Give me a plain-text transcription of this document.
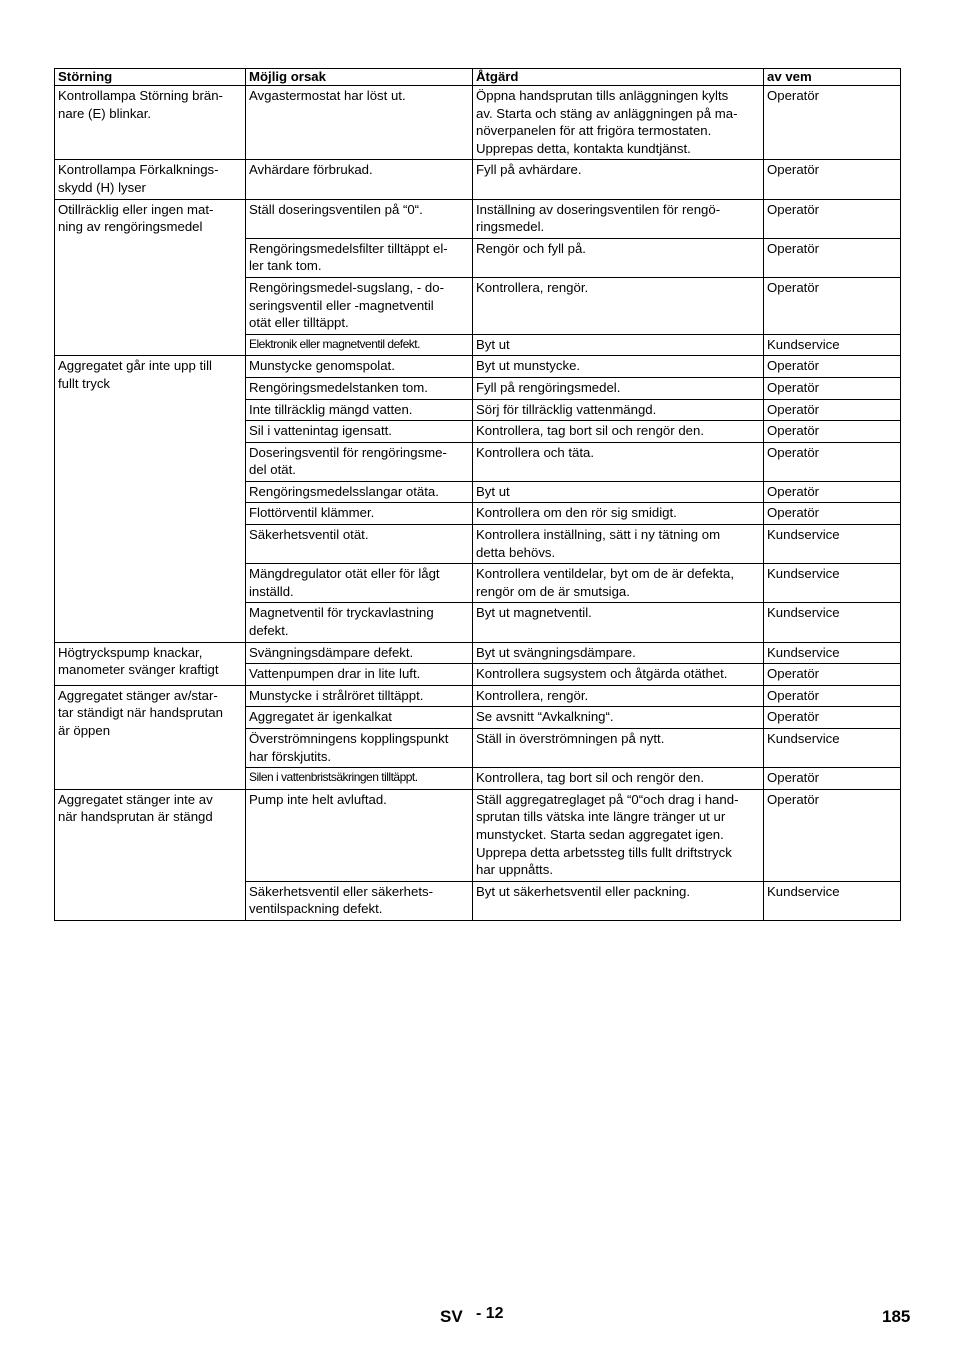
Störning	Möjlig orsak	Åtgärd	av vem
Kontrollampa Störning brän-
nare (E) blinkar.	Avgastermostat har löst ut.	Öppna handsprutan tills anläggningen kylts
av. Starta och stäng av anläggningen på ma-
növerpanelen för att frigöra termostaten.
Upprepas detta, kontakta kundtjänst.	Operatör
Kontrollampa Förkalknings-
skydd (H) lyser	Avhärdare förbrukad.	Fyll på avhärdare.	Operatör
Otillräcklig eller ingen mat-
ning av rengöringsmedel	Ställ doseringsventilen på “0“.	Inställning av doseringsventilen för rengö-
ringsmedel.	Operatör
	Rengöringsmedelsfilter tilltäppt el-
ler tank tom.	Rengör och fyll på.	Operatör
	Rengöringsmedel-sugslang, - do-
seringsventil eller -magnetventil
otät eller tilltäppt.	Kontrollera, rengör.	Operatör
	Elektronik eller magnetventil defekt.	Byt ut	Kundservice
Aggregatet går inte upp till
fullt tryck	Munstycke genomspolat.	Byt ut munstycke.	Operatör
	Rengöringsmedelstanken tom.	Fyll på rengöringsmedel.	Operatör
	Inte tillräcklig mängd vatten.	Sörj för tillräcklig vattenmängd.	Operatör
	Sil i vattenintag igensatt.	Kontrollera, tag bort sil och rengör den.	Operatör
	Doseringsventil för rengöringsme-
del otät.	Kontrollera och täta.	Operatör
	Rengöringsmedelsslangar otäta.	Byt ut	Operatör
	Flottörventil klämmer.	Kontrollera om den rör sig smidigt.	Operatör
	Säkerhetsventil otät.	Kontrollera inställning, sätt i ny tätning om
detta behövs.	Kundservice
	Mängdregulator otät eller för lågt
inställd.	Kontrollera ventildelar, byt om de är defekta,
rengör om de är smutsiga.	Kundservice
	Magnetventil för tryckavlastning
defekt.	Byt ut magnetventil.	Kundservice
Högtryckspump knackar,
manometer svänger kraftigt	Svängningsdämpare defekt.	Byt ut svängningsdämpare.	Kundservice
	Vattenpumpen drar in lite luft.	Kontrollera sugsystem och åtgärda otäthet.	Operatör
Aggregatet stänger av/star-
tar ständigt när handsprutan
är öppen	Munstycke i strålröret tilltäppt.	Kontrollera, rengör.	Operatör
	Aggregatet är igenkalkat	Se avsnitt “Avkalkning“.	Operatör
	Överströmningens kopplingspunkt
har förskjutits.	Ställ in överströmningen på nytt.	Kundservice
	Silen i vattenbristsäkringen tilltäppt.	Kontrollera, tag bort sil och rengör den.	Operatör
Aggregatet stänger inte av
när handsprutan är stängd	Pump inte helt avluftad.	Ställ aggregatreglaget på “0“och drag i hand-
sprutan tills vätska inte längre tränger ut ur
munstycket. Starta sedan aggregatet igen.
Upprepa detta arbetssteg tills fullt driftstryck
har uppnåtts.	Operatör
	Säkerhetsventil eller säkerhets-
ventilspackning defekt.	Byt ut säkerhetsventil eller packning.	Kundservice
SV - 12	185
